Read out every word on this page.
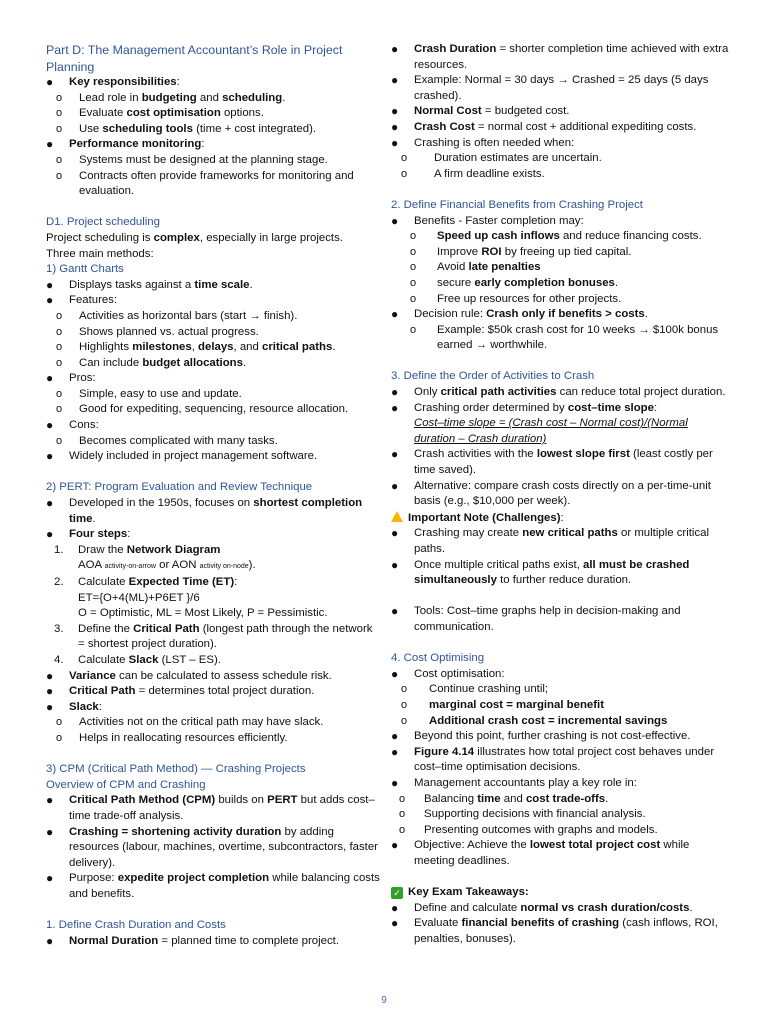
Part D: The Management Accountant’s Role in Project Planning
● Key responsibilities:
o Lead role in budgeting and scheduling.
o Evaluate cost optimisation options.
o Use scheduling tools (time + cost integrated).
● Performance monitoring:
o Systems must be designed at the planning stage.
o Contracts often provide frameworks for monitoring and evaluation.
D1. Project scheduling
Project scheduling is complex, especially in large projects.
Three main methods:
1) Gantt Charts
● Displays tasks against a time scale.
● Features:
o Activities as horizontal bars (start → finish).
o Shows planned vs. actual progress.
o Highlights milestones, delays, and critical paths.
o Can include budget allocations.
● Pros:
o Simple, easy to use and update.
o Good for expediting, sequencing, resource allocation.
● Cons:
o Becomes complicated with many tasks.
● Widely included in project management software.
2) PERT: Program Evaluation and Review Technique
● Developed in the 1950s, focuses on shortest completion time.
● Four steps:
1. Draw the Network Diagram
AOA activity-on-arrow or AON activity on-node).
2. Calculate Expected Time (ET):
ET={O+4(ML)+P6ET }/6
O = Optimistic, ML = Most Likely, P = Pessimistic.
3. Define the Critical Path (longest path through the network = shortest project duration).
4. Calculate Slack (LST – ES).
● Variance can be calculated to assess schedule risk.
● Critical Path = determines total project duration.
● Slack:
o Activities not on the critical path may have slack.
o Helps in reallocating resources efficiently.
3) CPM (Critical Path Method) — Crashing Projects
Overview of CPM and Crashing
● Critical Path Method (CPM) builds on PERT but adds cost–time trade-off analysis.
● Crashing = shortening activity duration by adding resources (labour, machines, overtime, subcontractors, faster delivery).
● Purpose: expedite project completion while balancing costs and benefits.
1. Define Crash Duration and Costs
● Normal Duration = planned time to complete project.
● Crash Duration = shorter completion time achieved with extra resources.
● Example: Normal = 30 days → Crashed = 25 days (5 days crashed).
● Normal Cost = budgeted cost.
● Crash Cost = normal cost + additional expediting costs.
● Crashing is often needed when:
o Duration estimates are uncertain.
o A firm deadline exists.
2. Define Financial Benefits from Crashing Project
● Benefits - Faster completion may:
o Speed up cash inflows and reduce financing costs.
o Improve ROI by freeing up tied capital.
o Avoid late penalties
o secure early completion bonuses.
o Free up resources for other projects.
● Decision rule: Crash only if benefits > costs.
o Example: $50k crash cost for 10 weeks → $100k bonus earned → worthwhile.
3. Define the Order of Activities to Crash
● Only critical path activities can reduce total project duration.
● Crashing order determined by cost–time slope:
Cost–time slope = (Crash cost – Normal cost)/(Normal duration – Crash duration)
● Crash activities with the lowest slope first (least costly per time saved).
● Alternative: compare crash costs directly on a per-time-unit basis (e.g., $10,000 per week).
Important Note (Challenges):
● Crashing may create new critical paths or multiple critical paths.
● Once multiple critical paths exist, all must be crashed simultaneously to further reduce duration.
● Tools: Cost–time graphs help in decision-making and communication.
4. Cost Optimising
● Cost optimisation:
o Continue crashing until;
o marginal cost = marginal benefit
o Additional crash cost = incremental savings
● Beyond this point, further crashing is not cost-effective.
● Figure 4.14 illustrates how total project cost behaves under cost–time optimisation decisions.
● Management accountants play a key role in:
o Balancing time and cost trade-offs.
o Supporting decisions with financial analysis.
o Presenting outcomes with graphs and models.
● Objective: Achieve the lowest total project cost while meeting deadlines.
✓ Key Exam Takeaways:
● Define and calculate normal vs crash duration/costs.
● Evaluate financial benefits of crashing (cash inflows, ROI, penalties, bonuses).
9
